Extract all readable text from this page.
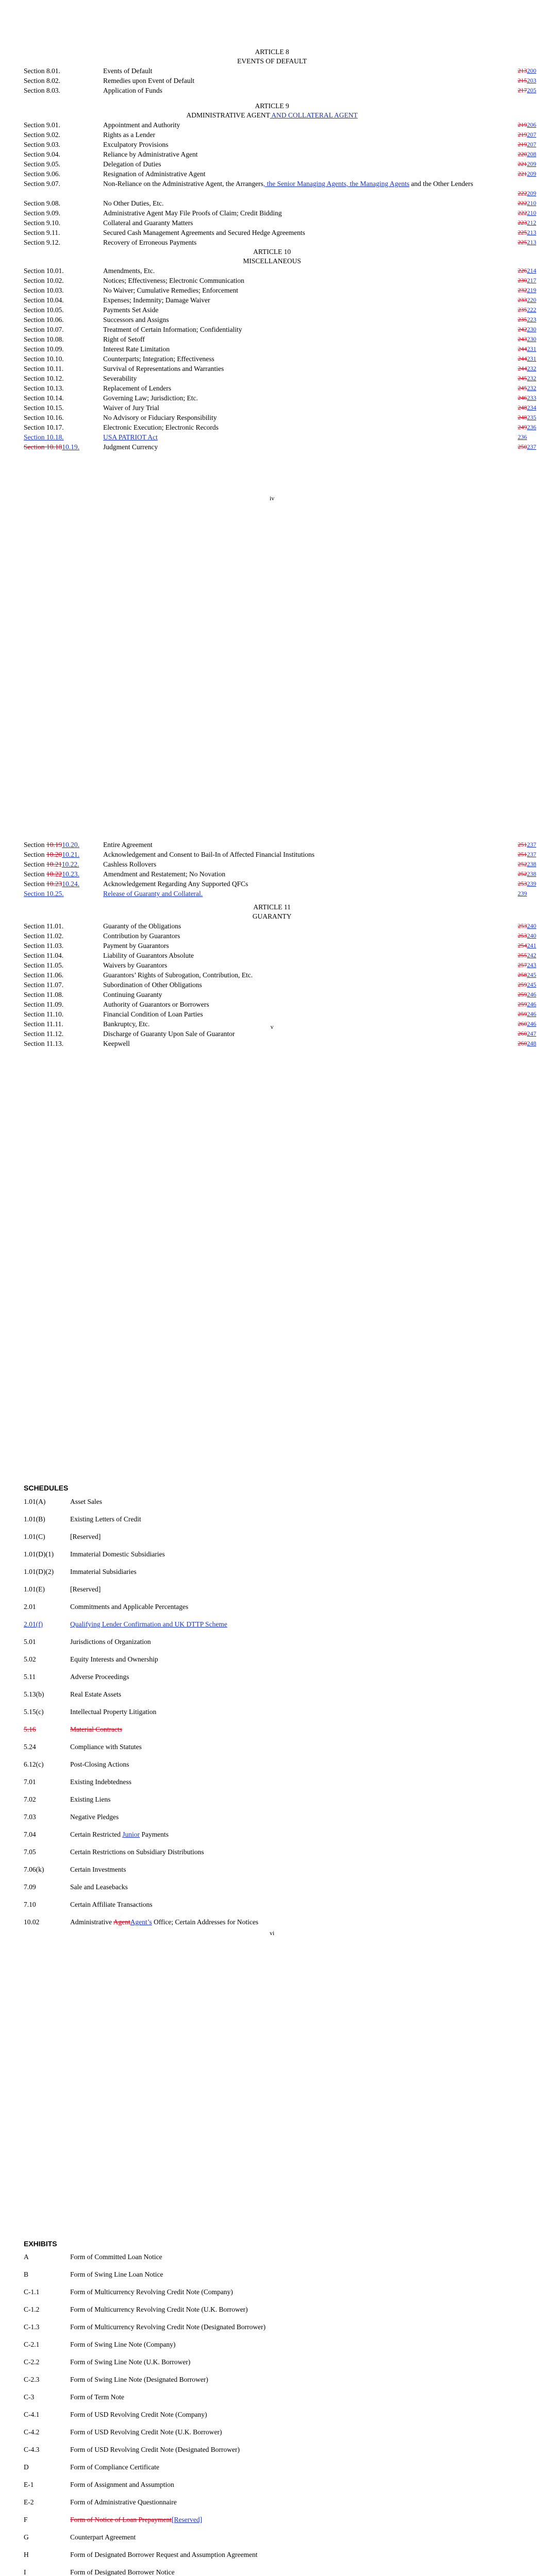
ARTICLE 8
EVENTS OF DEFAULT
Section 8.01.	Events of Default	213200
Section 8.02.	Remedies upon Event of Default	215203
Section 8.03.	Application of Funds	217205
ARTICLE 9
ADMINISTRATIVE AGENT AND COLLATERAL AGENT
Section 9.01.	Appointment and Authority	219206
Section 9.02.	Rights as a Lender	219207
Section 9.03.	Exculpatory Provisions	219207
Section 9.04.	Reliance by Administrative Agent	220208
Section 9.05.	Delegation of Duties	221209
Section 9.06.	Resignation of Administrative Agent	221209
Section 9.07.	Non-Reliance on the Administrative Agent, the Arrangers, the Senior Managing Agents, the Managing Agents and the Other Lenders
222209
Section 9.08.	No Other Duties, Etc.	222210
Section 9.09.	Administrative Agent May File Proofs of Claim; Credit Bidding	222210
Section 9.10.	Collateral and Guaranty Matters	223212
Section 9.11.	Secured Cash Management Agreements and Secured Hedge Agreements	225213
Section 9.12.	Recovery of Erroneous Payments	225213
ARTICLE 10
MISCELLANEOUS
Section 10.01.	Amendments, Etc.	226214
Section 10.02.	Notices; Effectiveness; Electronic Communication	230217
Section 10.03.	No Waiver; Cumulative Remedies; Enforcement	232219
Section 10.04.	Expenses; Indemnity; Damage Waiver	233220
Section 10.05.	Payments Set Aside	235222
Section 10.06.	Successors and Assigns	235223
Section 10.07.	Treatment of Certain Information; Confidentiality	242230
Section 10.08.	Right of Setoff	243230
Section 10.09.	Interest Rate Limitation	244231
Section 10.10.	Counterparts; Integration; Effectiveness	244231
Section 10.11.	Survival of Representations and Warranties	244232
Section 10.12.	Severability	245232
Section 10.13.	Replacement of Lenders	245232
Section 10.14.	Governing Law; Jurisdiction; Etc.	246233
Section 10.15.	Waiver of Jury Trial	248234
Section 10.16.	No Advisory or Fiduciary Responsibility	248235
Section 10.17.	Electronic Execution; Electronic Records	249236
Section 10.18.	USA PATRIOT Act	236
Section 10.1810.19.	Judgment Currency	250237
iv
Section 10.1910.20.	Entire Agreement	251237
Section 10.2010.21.	Acknowledgement and Consent to Bail-In of Affected Financial Institutions	251237
Section 10.2110.22.	Cashless Rollovers	252238
Section 10.2210.23.	Amendment and Restatement; No Novation	252238
Section 10.2310.24.	Acknowledgement Regarding Any Supported QFCs	253239
Section 10.25.	Release of Guaranty and Collateral.	239
ARTICLE 11
GUARANTY
Section 11.01.	Guaranty of the Obligations	253240
Section 11.02.	Contribution by Guarantors	253240
Section 11.03.	Payment by Guarantors	254241
Section 11.04.	Liability of Guarantors Absolute	255242
Section 11.05.	Waivers by Guarantors	257243
Section 11.06.	Guarantors’ Rights of Subrogation, Contribution, Etc.	258245
Section 11.07.	Subordination of Other Obligations	259245
Section 11.08.	Continuing Guaranty	259246
Section 11.09.	Authority of Guarantors or Borrowers	259246
Section 11.10.	Financial Condition of Loan Parties	259246
Section 11.11.	Bankruptcy, Etc.	260246
Section 11.12.	Discharge of Guaranty Upon Sale of Guarantor	260247
Section 11.13.	Keepwell	260248
v
SCHEDULES
1.01(A)	Asset Sales
1.01(B)	Existing Letters of Credit
1.01(C)	[Reserved]
1.01(D)(1) Immaterial Domestic Subsidiaries
1.01(D)(2) Immaterial Subsidiaries
1.01(E)	[Reserved]
2.01	Commitments and Applicable Percentages
2.01(f)	Qualifying Lender Confirmation and UK DTTP Scheme
5.01	Jurisdictions of Organization
5.02	Equity Interests and Ownership
5.11	Adverse Proceedings
5.13(b)	Real Estate Assets
5.15(c)	Intellectual Property Litigation
5.16	Material Contracts
5.24	Compliance with Statutes
6.12(c)	Post-Closing Actions
7.01	Existing Indebtedness
7.02	Existing Liens
7.03	Negative Pledges
7.04	Certain Restricted Junior Payments
7.05	Certain Restrictions on Subsidiary Distributions
7.06(k)	Certain Investments
7.09	Sale and Leasebacks
7.10	Certain Affiliate Transactions
10.02	Administrative AgentAgent’s Office; Certain Addresses for Notices
vi
EXHIBITS
A	Form of Committed Loan Notice
B	Form of Swing Line Loan Notice
C-1.1	Form of Multicurrency Revolving Credit Note (Company)
C-1.2	Form of Multicurrency Revolving Credit Note (U.K. Borrower)
C-1.3	Form of Multicurrency Revolving Credit Note (Designated Borrower)
C-2.1	Form of Swing Line Note (Company)
C-2.2	Form of Swing Line Note (U.K. Borrower)
C-2.3	Form of Swing Line Note (Designated Borrower)
C-3	Form of Term Note
C-4.1	Form of USD Revolving Credit Note (Company)
C-4.2	Form of USD Revolving Credit Note (U.K. Borrower)
C-4.3	Form of USD Revolving Credit Note (Designated Borrower)
D	Form of Compliance Certificate
E-1	Form of Assignment and Assumption
E-2	Form of Administrative Questionnaire
F	Form of Notice of Loan Prepayment[Reserved]
G	Counterpart Agreement
H	Form of Designated Borrower Request and Assumption Agreement
I	Form of Designated Borrower Notice
